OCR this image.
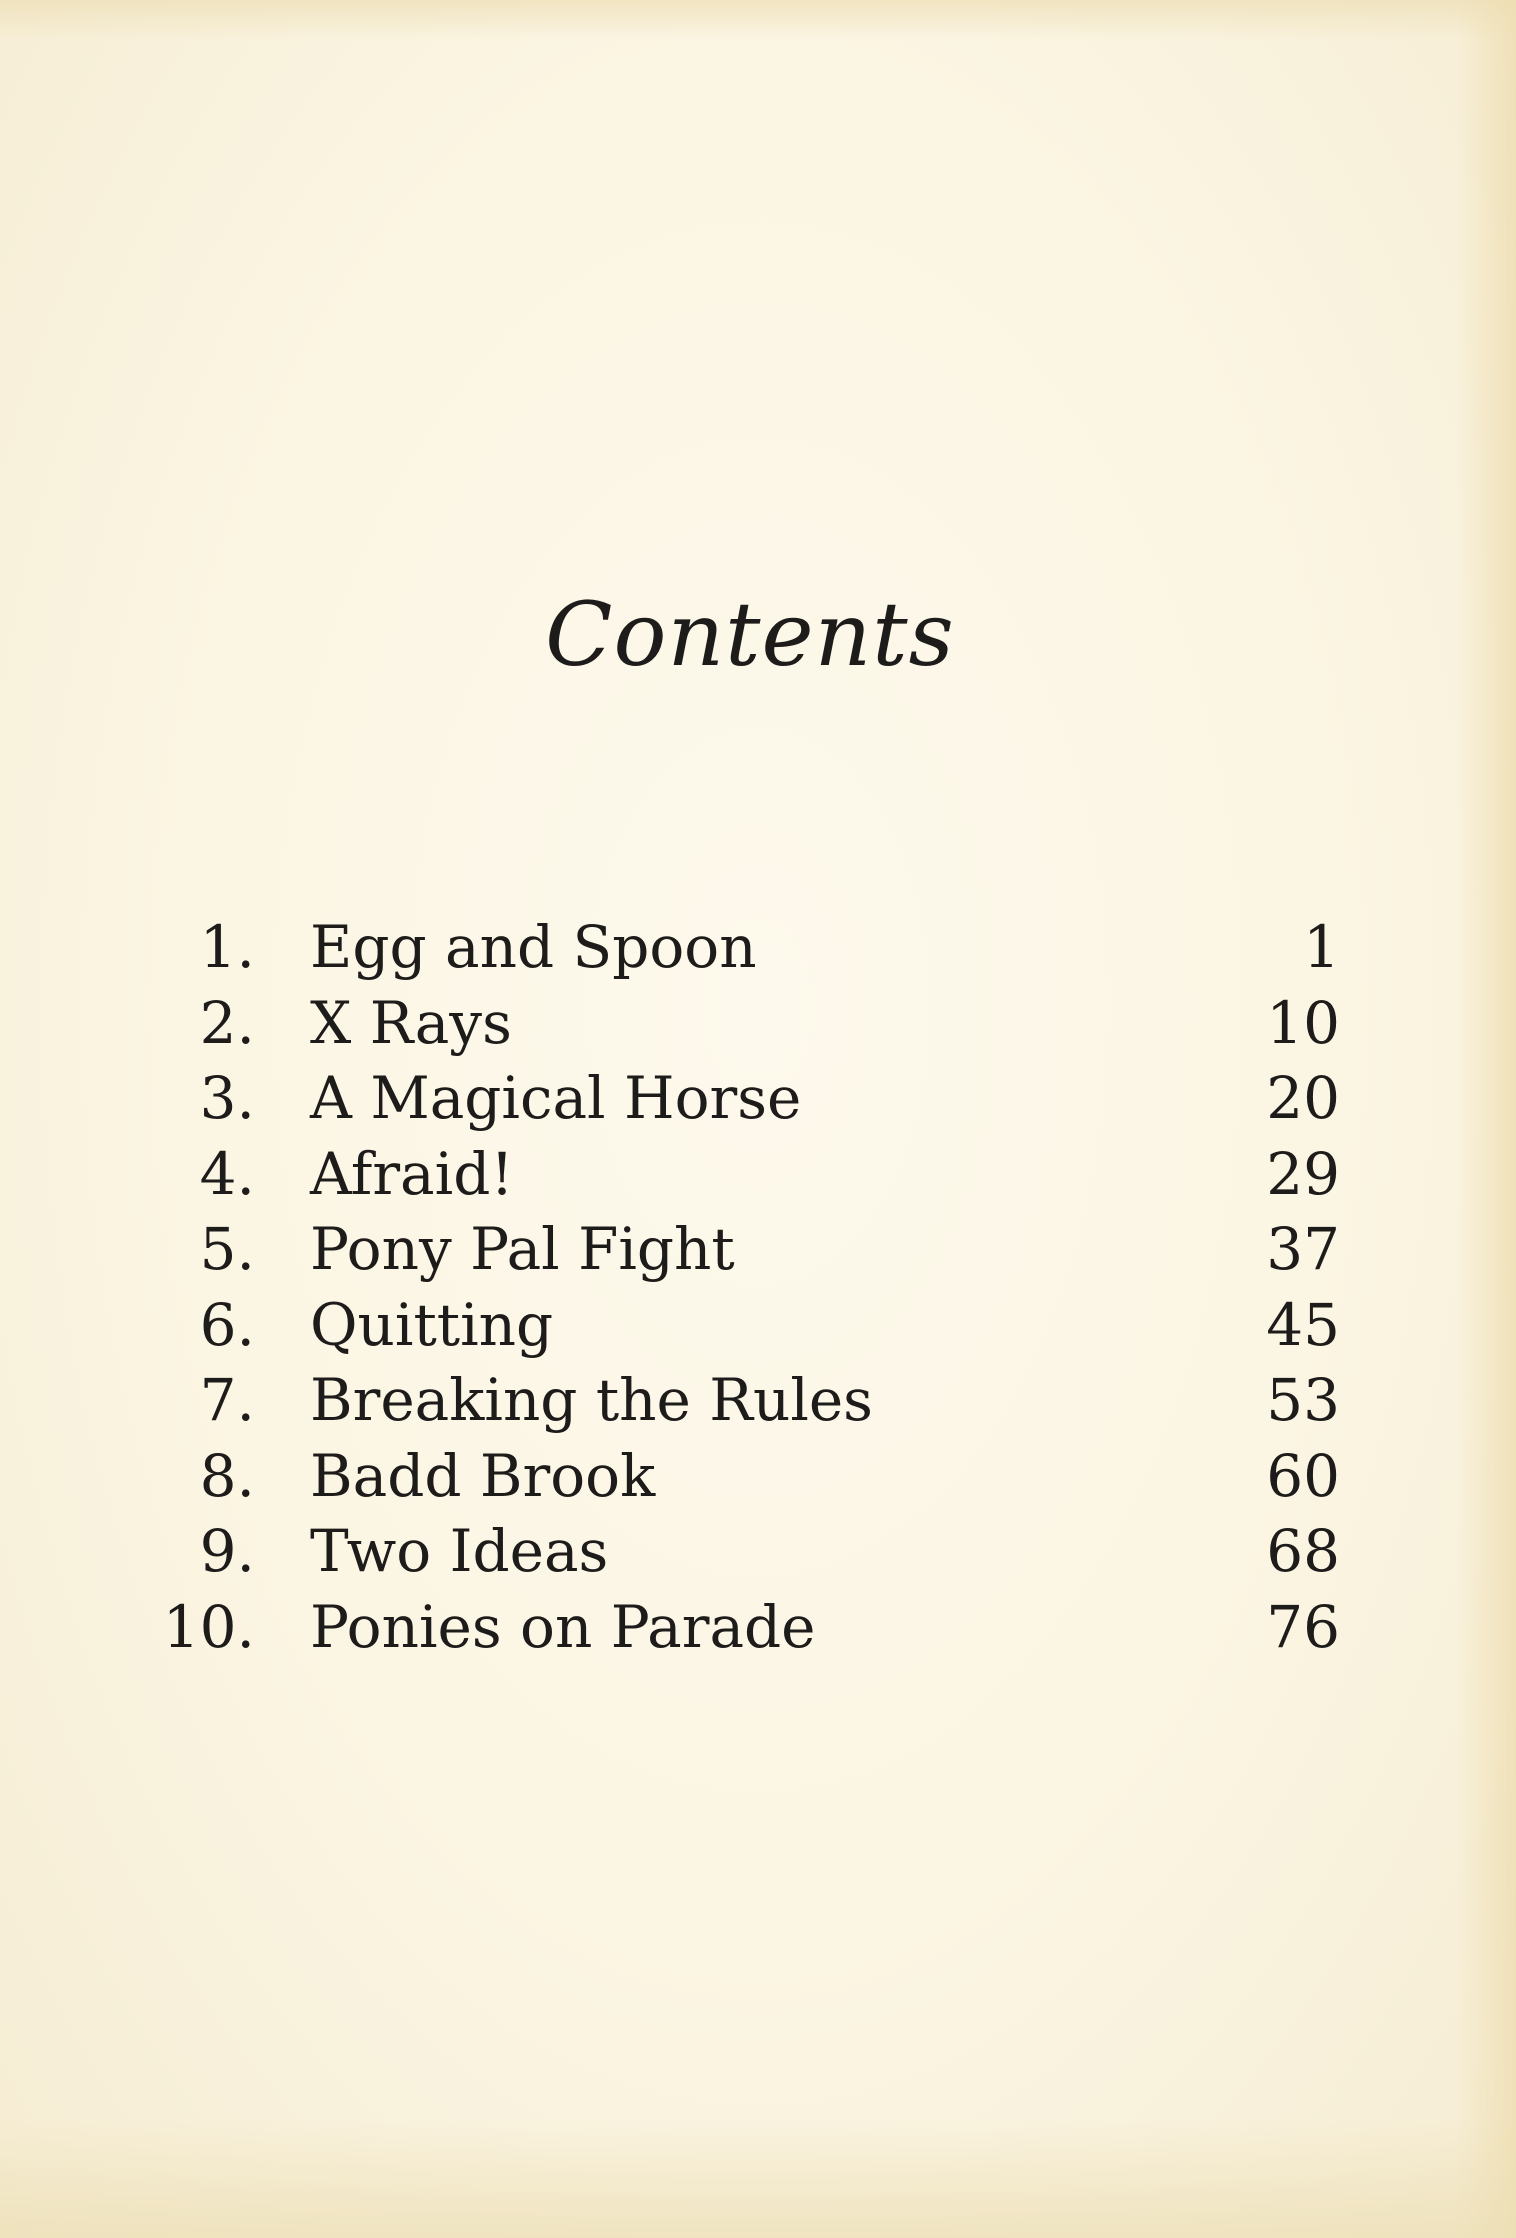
Contents
1. Egg and Spoon	1
2. X Rays	10
3. A Magical Horse	20
4. Afraid!	29
5. Pony Pal Fight	37
6. Quitting	45
7. Breaking the Rules	53
8. Badd Brook	60
9. Two Ideas	68
10. Ponies on Parade	76
